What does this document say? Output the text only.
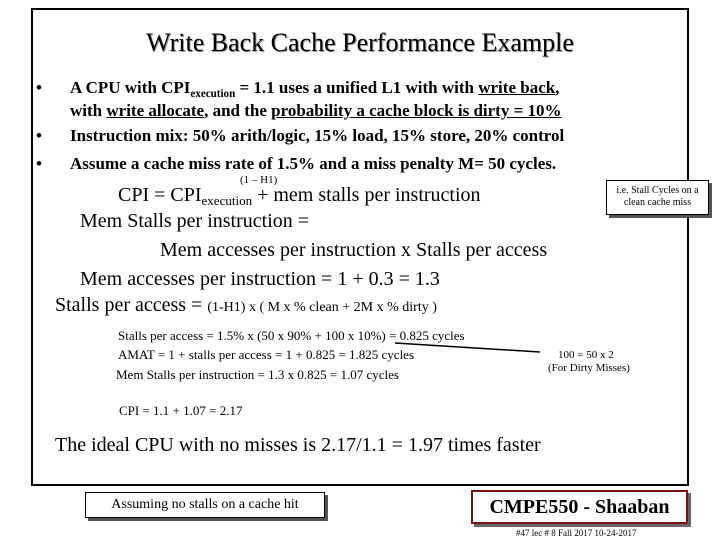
Write Back Cache Performance Example
• A CPU with $CPI_{execution} = 1.1$ uses a unified L1 with with write back,
with write allocate, and the probability a cache block is dirty = 10%
• Instruction mix: 50% arith/logic, 15% load, 15% store, 20% control
• Assume a cache miss rate of 1.5% and a miss penalty M= 50 cycles.
(1 – H1)
CPI = $CPI_{execution}$ + mem stalls per instruction	i.e. Stall Cycles on a clean cache miss
Mem Stalls per instruction =
Mem accesses per instruction x Stalls per access
Mem accesses per instruction = 1 + 0.3 = 1.3
Stalls per access = (1-H1) x ( M x % clean + 2M x % dirty )
Stalls per access = 1.5% x (50 x 90% + 100 x 10%) = 0.825 cycles
AMAT = 1 + stalls per access = 1 + 0.825 = 1.825 cycles
Mem Stalls per instruction = 1.3 x 0.825 = 1.07 cycles
100 = 50 x 2
(For Dirty Misses)
CPI = 1.1 + 1.07 = 2.17
The ideal CPU with no misses is 2.17/1.1 = 1.97 times faster
Assuming no stalls on a cache hit	CMPE550 - Shaaban
#47 lec # 8 Fall 2017 10-24-2017
